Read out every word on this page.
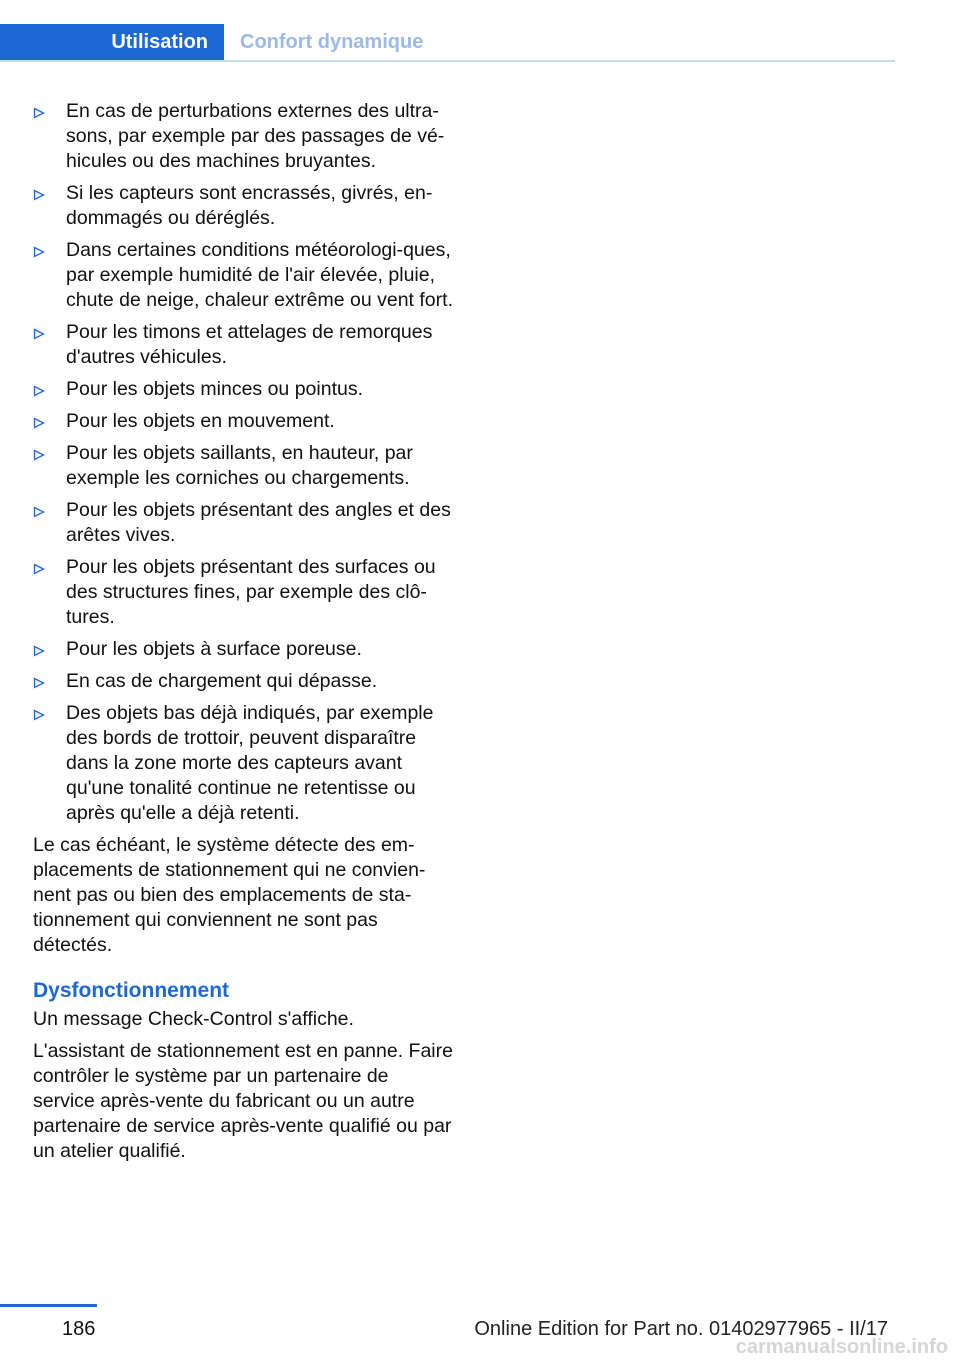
Utilisation	Confort dynamique
En cas de perturbations externes des ultra-sons, par exemple par des passages de vé-hicules ou des machines bruyantes.
Si les capteurs sont encrassés, givrés, en-dommagés ou déréglés.
Dans certaines conditions météorologi-ques, par exemple humidité de l'air élevée, pluie, chute de neige, chaleur extrême ou vent fort.
Pour les timons et attelages de remorques d'autres véhicules.
Pour les objets minces ou pointus.
Pour les objets en mouvement.
Pour les objets saillants, en hauteur, par exemple les corniches ou chargements.
Pour les objets présentant des angles et des arêtes vives.
Pour les objets présentant des surfaces ou des structures fines, par exemple des clô-tures.
Pour les objets à surface poreuse.
En cas de chargement qui dépasse.
Des objets bas déjà indiqués, par exemple des bords de trottoir, peuvent disparaître dans la zone morte des capteurs avant qu'une tonalité continue ne retentisse ou après qu'elle a déjà retenti.

Le cas échéant, le système détecte des em-placements de stationnement qui ne convien-nent pas ou bien des emplacements de sta-tionnement qui conviennent ne sont pas détectés.

Dysfonctionnement

Un message Check-Control s'affiche.

L'assistant de stationnement est en panne. Faire contrôler le système par un partenaire de service après-vente du fabricant ou un autre partenaire de service après-vente qualifié ou par un atelier qualifié.

186	Online Edition for Part no. 01402977965 - II/17
carmanualsonline.info
